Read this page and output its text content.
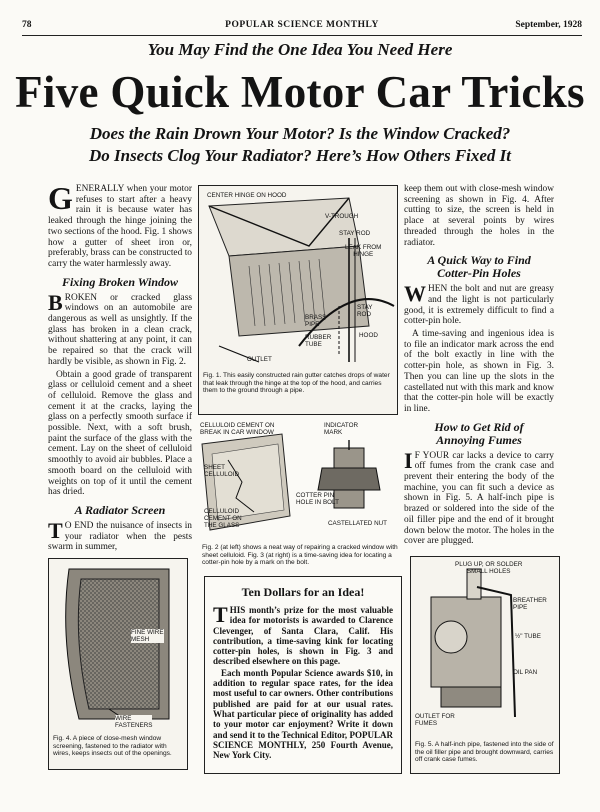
78	POPULAR SCIENCE MONTHLY	September, 1928
You May Find the One Idea You Need Here
Five Quick Motor Car Tricks
Does the Rain Drown Your Motor? Is the Window Cracked?
Do Insects Clog Your Radiator? Here’s How Others Fixed It

GENERALLY when your motor refuses to start after a heavy rain it is because water has leaked through the hinge joining the two sections of the hood. Fig. 1 shows how a gutter of sheet iron or, preferably, brass can be constructed to carry the water harmlessly away.

Fixing Broken Window

BROKEN or cracked glass windows on an automobile are dangerous as well as unsightly. If the glass has broken in a clean crack, without shattering at any point, it can be repaired so that the crack will hardly be visible, as shown in Fig. 2.

Obtain a good grade of transparent glass or celluloid cement and a sheet of celluloid. Remove the glass and cement it at the cracks, laying the glass on a perfectly smooth surface if possible. Next, with a soft brush, paint the surface of the glass with the cement. Lay on the sheet of celluloid smoothly to avoid air bubbles. Place a smooth board on the celluloid with weights on top of it until the cement has dried.

A Radiator Screen

T O END the nuisance of insects in your radiator when the pests swarm in summer,

CENTER HINGE ON HOOD
V-TROUGH
STAY ROD
LEAK FROM
HINGE
BRASS
PIPE
STAY
ROD
HOOD
RUBBER
TUBE
OUTLET
Fig. 1. This easily constructed rain gutter catches drops of water that leak through the hinge at the top of the hood, and carries them to the ground through a pipe.

keep them out with close-mesh window screening as shown in Fig. 4. After cutting to size, the screen is held in place at several points by wires threaded through the holes in the radiator.

A Quick Way to Find
Cotter-Pin Holes

WHEN the bolt and nut are greasy and the light is not particularly good, it is extremely difficult to find a cotter-pin hole.

A time-saving and ingenious idea is to file an indicator mark across the end of the bolt exactly in line with the cotter-pin hole, as shown in Fig. 3. Then you can line up the slots in the castellated nut with this mark and know that the cotter-pin hole will be exactly in line.

How to Get Rid of
Annoying Fumes

I F YOUR car lacks a device to carry off fumes from the crank case and prevent their entering the body of the machine, you can fit such a device as shown in Fig. 5. A half-inch pipe is brazed or soldered into the side of the oil filler pipe and the end of it brought down below the motor. The holes in the cover are plugged.

CELLULOID CEMENT ON
BREAK IN CAR WINDOW
SHEET
CELLULOID
CELLULOID
CEMENT ON
THE GLASS
INDICATOR
MARK
COTTER PIN
HOLE IN BOLT
CASTELLATED NUT
Fig. 2 (at left) shows a neat way of repairing a cracked window with sheet celluloid. Fig. 3 (at right) is a time-saving idea for locating a cotter-pin hole by a mark on the bolt.
FINE WIRE
MESH
WIRE
FASTENERS
Fig. 4. A piece of close-mesh window screening, fastened to the radiator with wires, keeps insects out of the openings.
Ten Dollars for an Idea!
THIS month’s prize for the most valuable idea for motorists is awarded to Clarence Clevenger, of Santa Clara, Calif. His contribution, a time-saving kink for locating cotter-pin holes, is shown in Fig. 3 and described elsewhere on this page.
Each month Popular Science awards $10, in addition to regular space rates, for the idea most useful to car owners. Other contributions published are paid for at our usual rates. What particular piece of originality has added to your motor car enjoyment? Write it down and send it to the Technical Editor, POPULAR SCIENCE MONTHLY, 250 Fourth Avenue, New York City.
PLUG UP, OR SOLDER
SMALL HOLES
BREATHER
PIPE
½" TUBE
OIL PAN
OUTLET FOR
FUMES
Fig. 5. A half-inch pipe, fastened into the side of the oil filler pipe and brought downward, carries off crank case fumes.
